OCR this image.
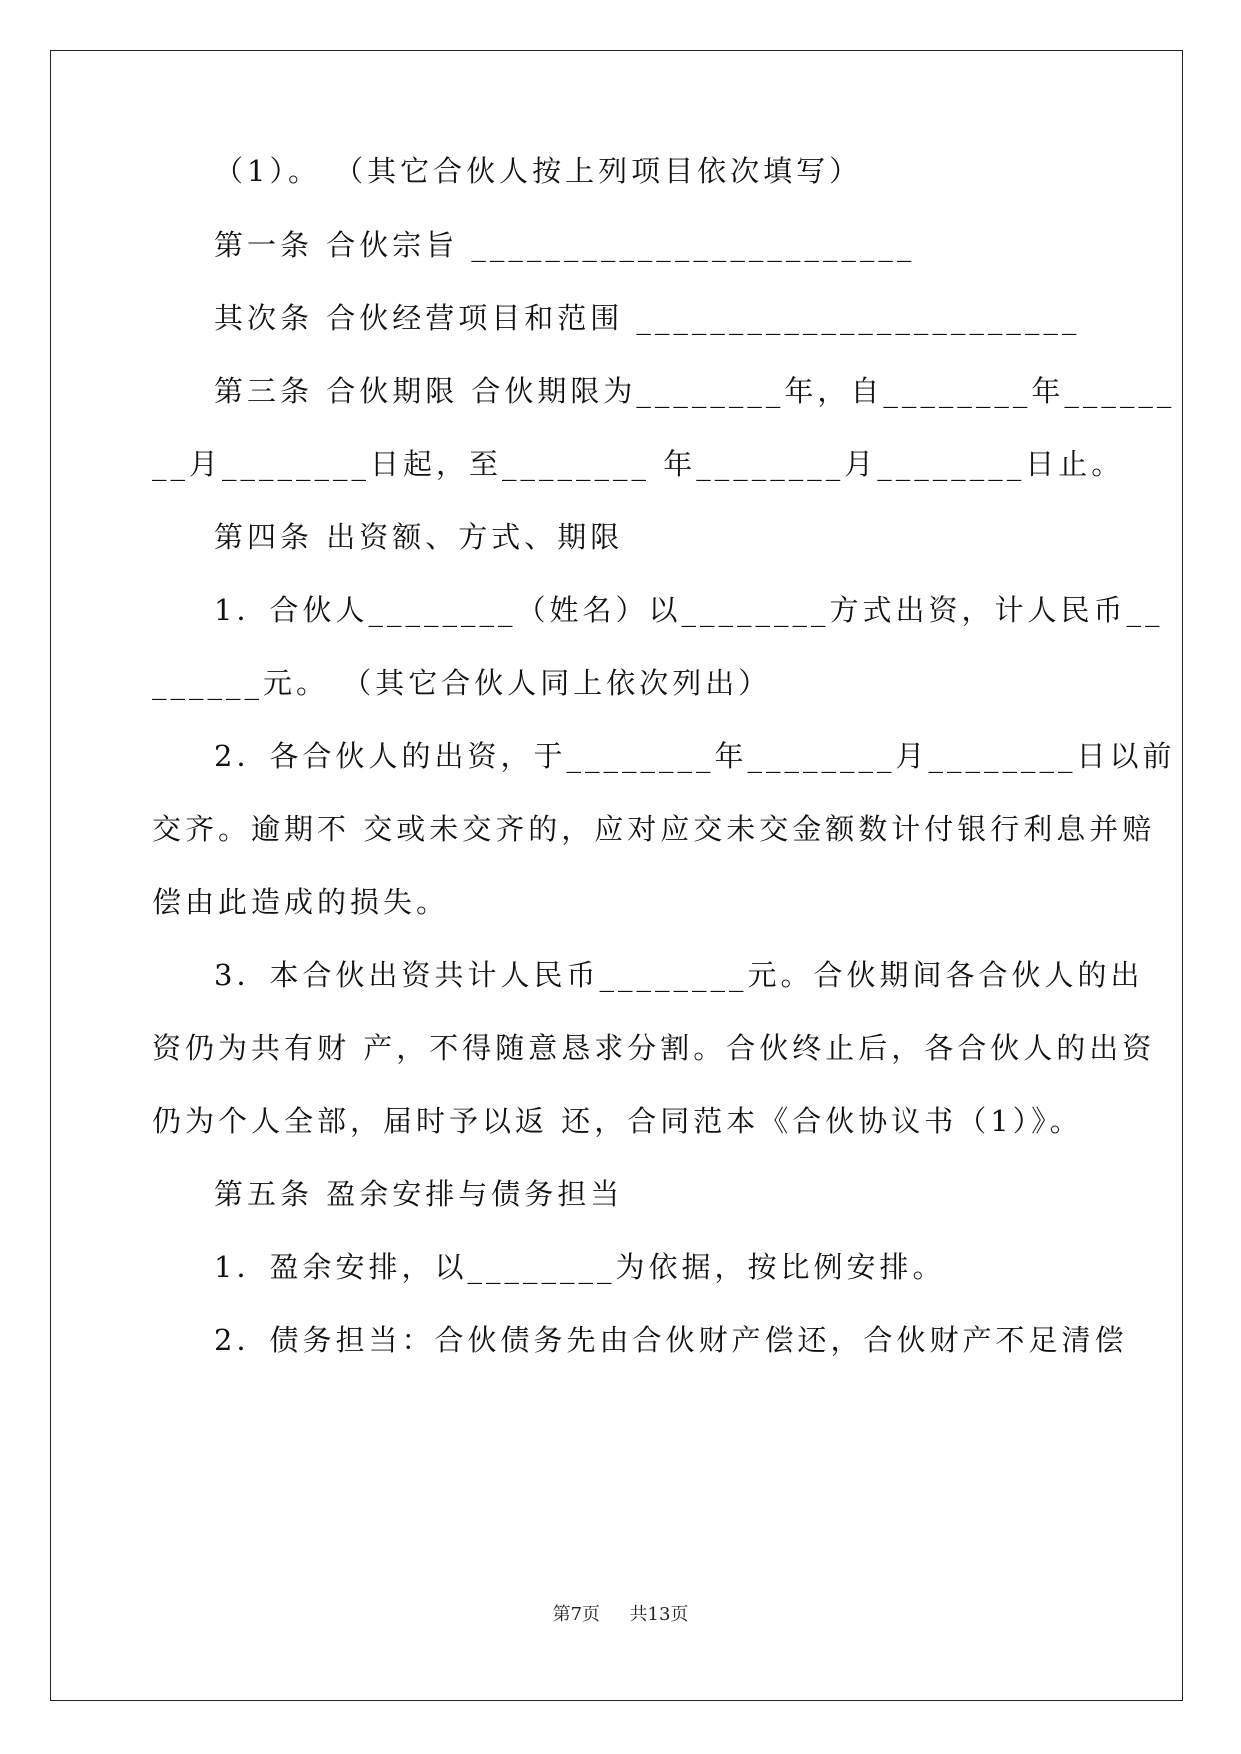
（1）。 （其它合伙人按上列项目依次填写）
第一条 合伙宗旨 ________________________
其次条 合伙经营项目和范围 ________________________
第三条 合伙期限 合伙期限为________年，自________年______
__月________日起，至________ 年________月________日止。
第四条 出资额、方式、期限
1．合伙人________（姓名）以________方式出资，计人民币__
______元。 （其它合伙人同上依次列出）
2．各合伙人的出资，于________年________月________日以前
交齐。逾期不 交或未交齐的，应对应交未交金额数计付银行利息并赔
偿由此造成的损失。
3．本合伙出资共计人民币________元。合伙期间各合伙人的出
资仍为共有财 产，不得随意恳求分割。合伙终止后，各合伙人的出资
仍为个人全部，届时予以返 还，合同范本《合伙协议书（1）》。
第五条 盈余安排与债务担当
1．盈余安排，以________为依据，按比例安排。
2．债务担当：合伙债务先由合伙财产偿还，合伙财产不足清偿
第7页 共13页
